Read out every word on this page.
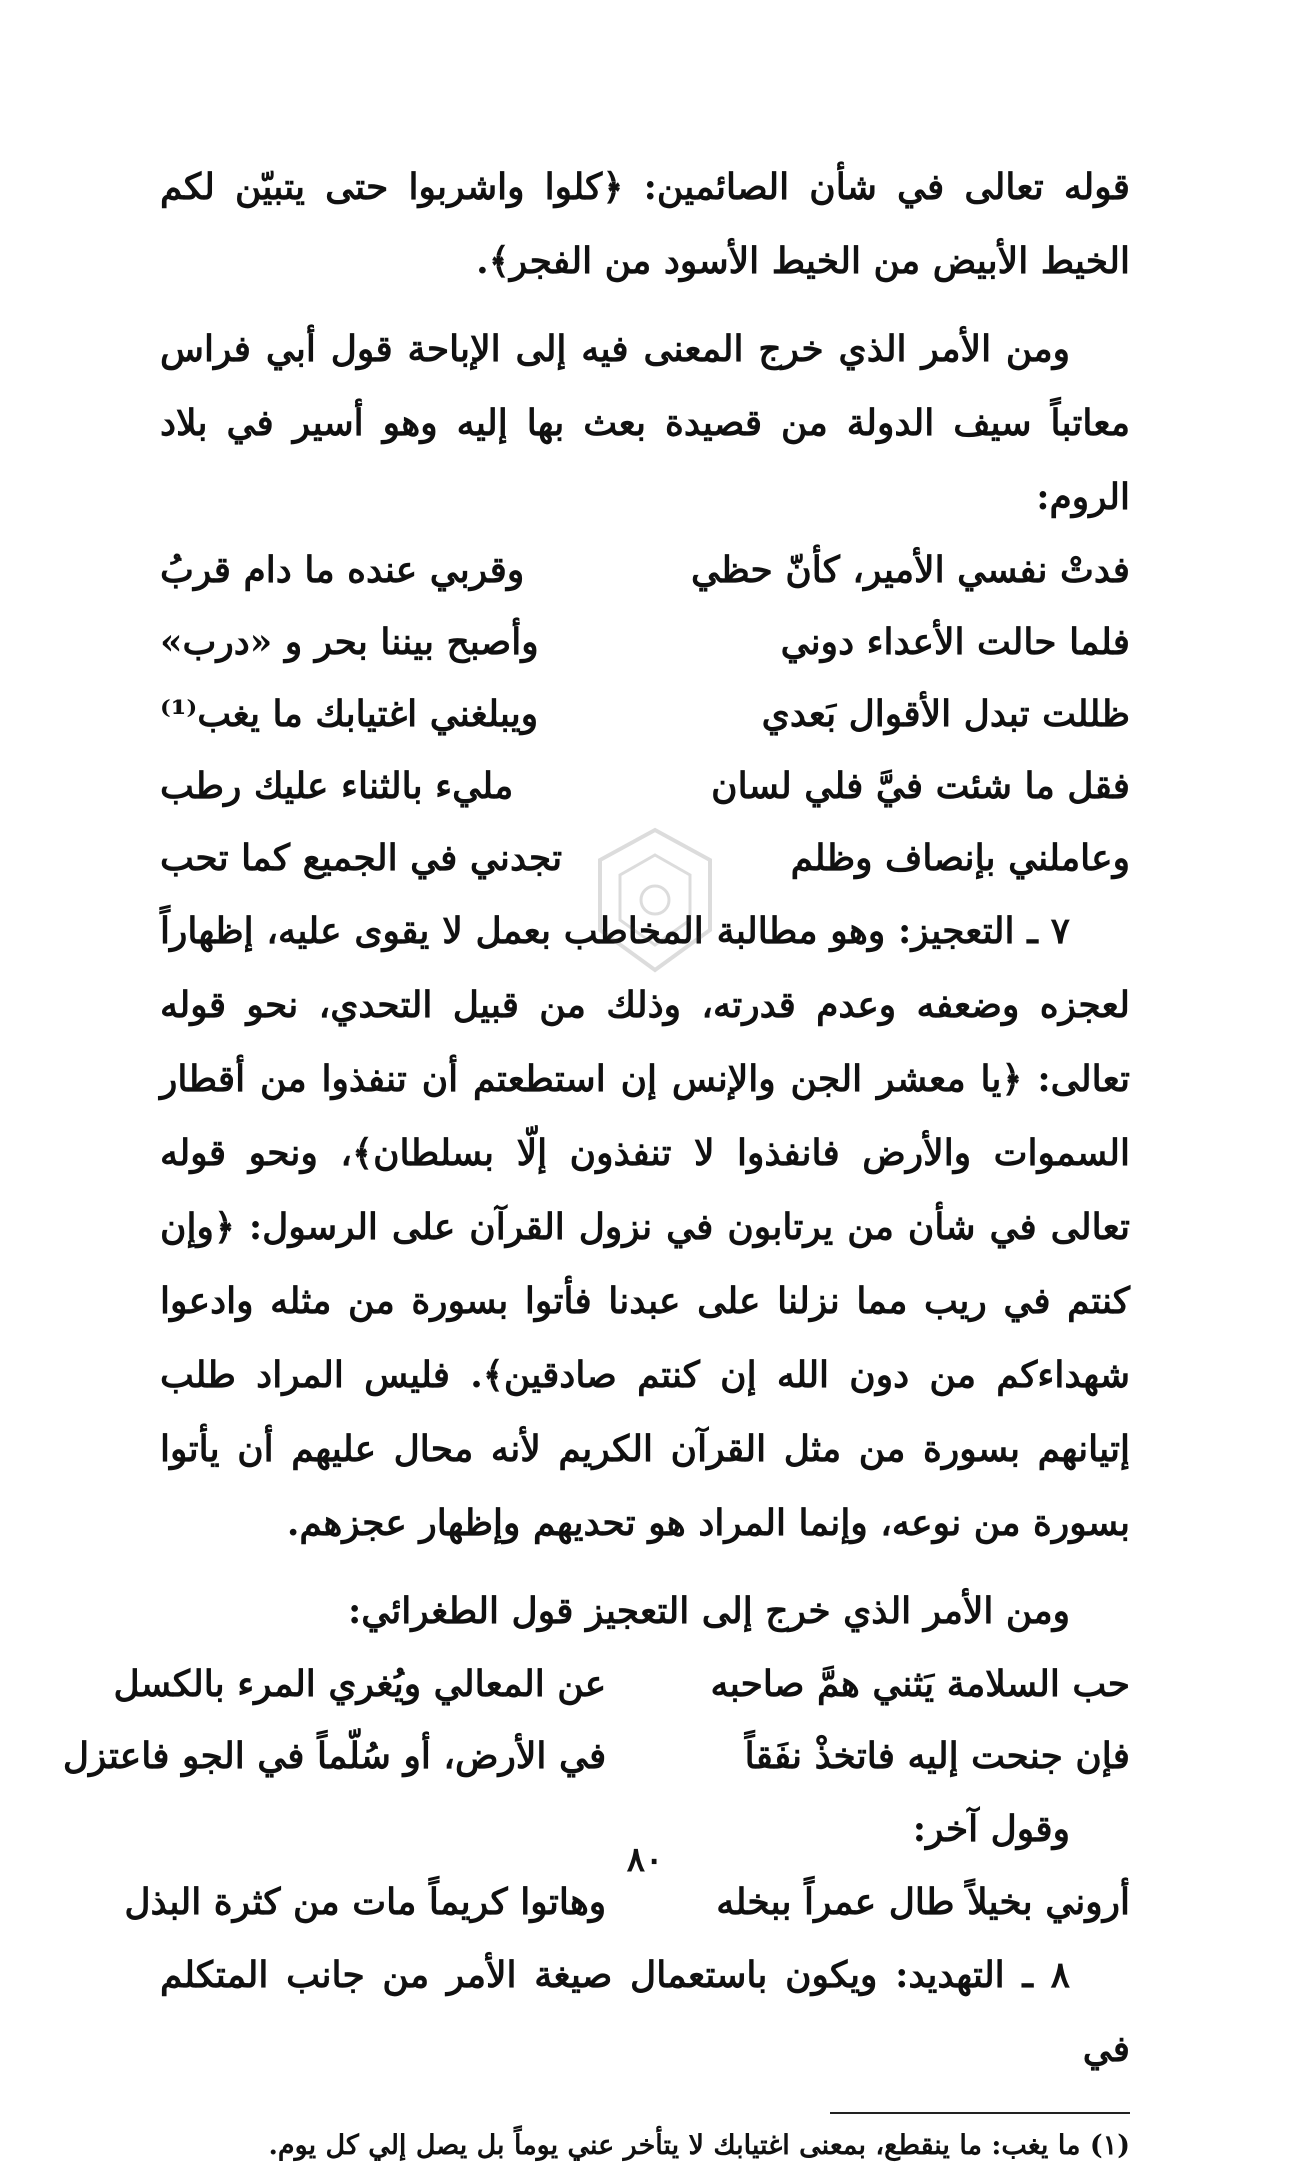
قوله تعالى في شأن الصائمين: ﴿كلوا واشربوا حتى يتبيّن لكم الخيط الأبيض من الخيط الأسود من الفجر﴾.

ومن الأمر الذي خرج المعنى فيه إلى الإباحة قول أبي فراس معاتباً سيف الدولة من قصيدة بعث بها إليه وهو أسير في بلاد الروم:

فدتْ نفسي الأمير، كأنّ حظي
وقربي عنده ما دام قربُ
فلما حالت الأعداء دوني
وأصبح بيننا بحر و «درب»
ظللت تبدل الأقوال بَعدي
ويبلغني اغتيابك ما يغب⁽¹⁾
فقل ما شئت فيَّ فلي لسان
مليء بالثناء عليك رطب
وعاملني بإنصاف وظلم
تجدني في الجميع كما تحب

٧ ـ التعجيز: وهو مطالبة المخاطب بعمل لا يقوى عليه، إظهاراً لعجزه وضعفه وعدم قدرته، وذلك من قبيل التحدي، نحو قوله تعالى: ﴿يا معشر الجن والإنس إن استطعتم أن تنفذوا من أقطار السموات والأرض فانفذوا لا تنفذون إلّا بسلطان﴾، ونحو قوله تعالى في شأن من يرتابون في نزول القرآن على الرسول: ﴿وإن كنتم في ريب مما نزلنا على عبدنا فأتوا بسورة من مثله وادعوا شهداءكم من دون الله إن كنتم صادقين﴾. فليس المراد طلب إتيانهم بسورة من مثل القرآن الكريم لأنه محال عليهم أن يأتوا بسورة من نوعه، وإنما المراد هو تحديهم وإظهار عجزهم.

ومن الأمر الذي خرج إلى التعجيز قول الطغرائي:

حب السلامة يَثني همَّ صاحبه
عن المعالي ويُغري المرء بالكسل
فإن جنحت إليه فاتخذْ نفَقاً
في الأرض، أو سُلّماً في الجو فاعتزل

وقول آخر:

أروني بخيلاً طال عمراً ببخله
وهاتوا كريماً مات من كثرة البذل

٨ ـ التهديد: ويكون باستعمال صيغة الأمر من جانب المتكلم في

(١) ما يغب: ما ينقطع، بمعنى اغتيابك لا يتأخر عني يوماً بل يصل إلي كل يوم.

٨٠
